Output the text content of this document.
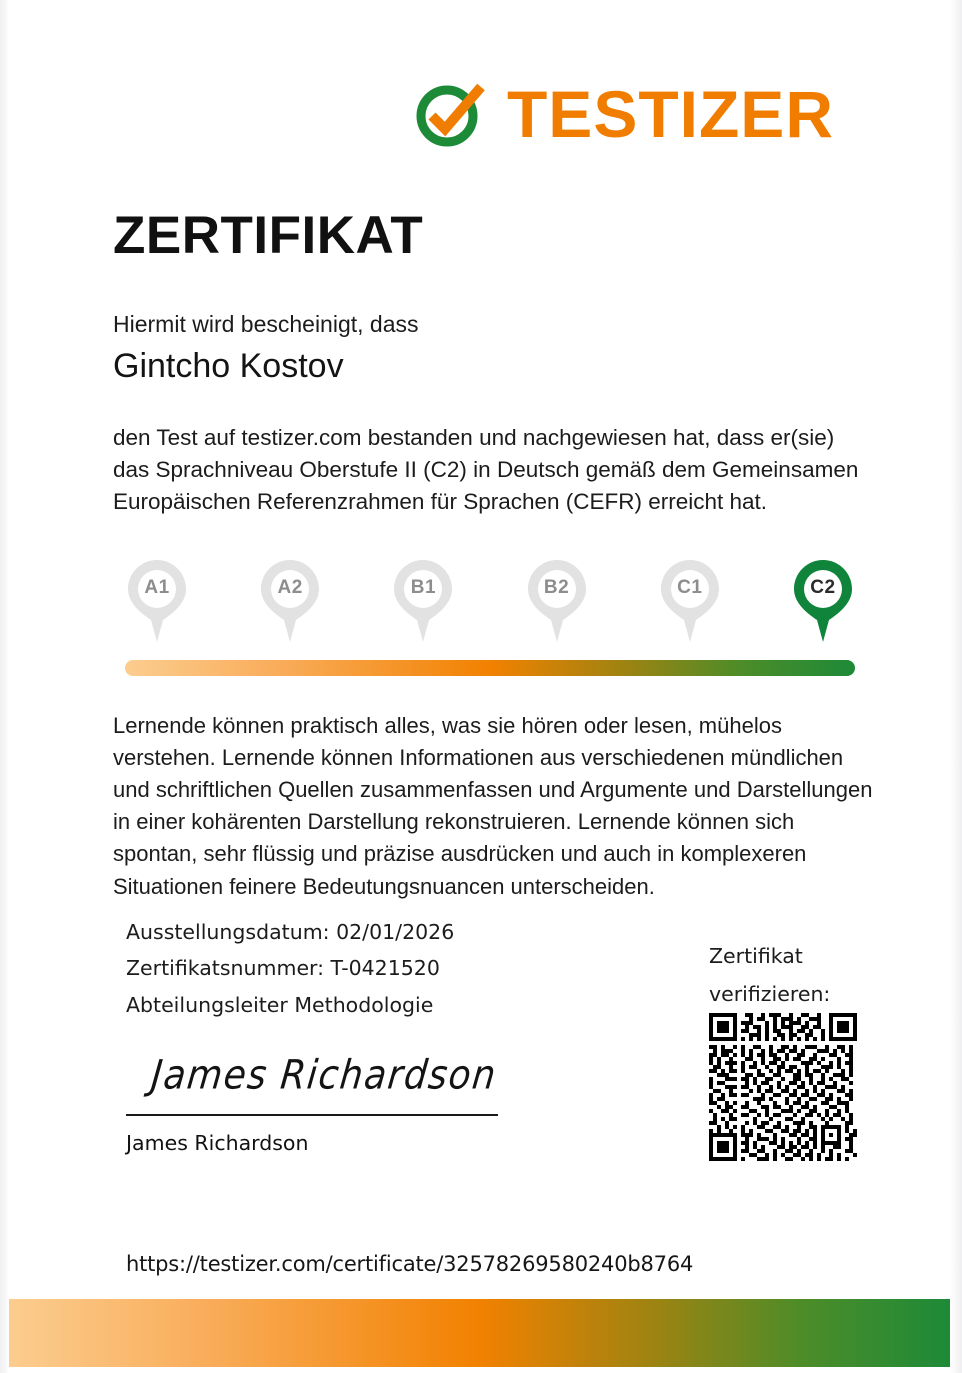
TESTIZER
ZERTIFIKAT
Hiermit wird bescheinigt, dass
Gintcho Kostov
den Test auf testizer.com bestanden und nachgewiesen hat, dass er(sie) das Sprachniveau Oberstufe II (C2) in Deutsch gemäß dem Gemeinsamen Europäischen Referenzrahmen für Sprachen (CEFR) erreicht hat.
A1	A2	B1	B2	C1	C2
Lernende können praktisch alles, was sie hören oder lesen, mühelos verstehen. Lernende können Informationen aus verschiedenen mündlichen und schriftlichen Quellen zusammenfassen und Argumente und Darstellungen in einer kohärenten Darstellung rekonstruieren. Lernende können sich spontan, sehr flüssig und präzise ausdrücken und auch in komplexeren Situationen feinere Bedeutungsnuancen unterscheiden.
Ausstellungsdatum: 02/01/2026
Zertifikatsnummer: T-0421520
Abteilungsleiter Methodologie
James Richardson
James Richardson
Zertifikat
verifizieren:
https://testizer.com/certificate/32578269580240b8764
